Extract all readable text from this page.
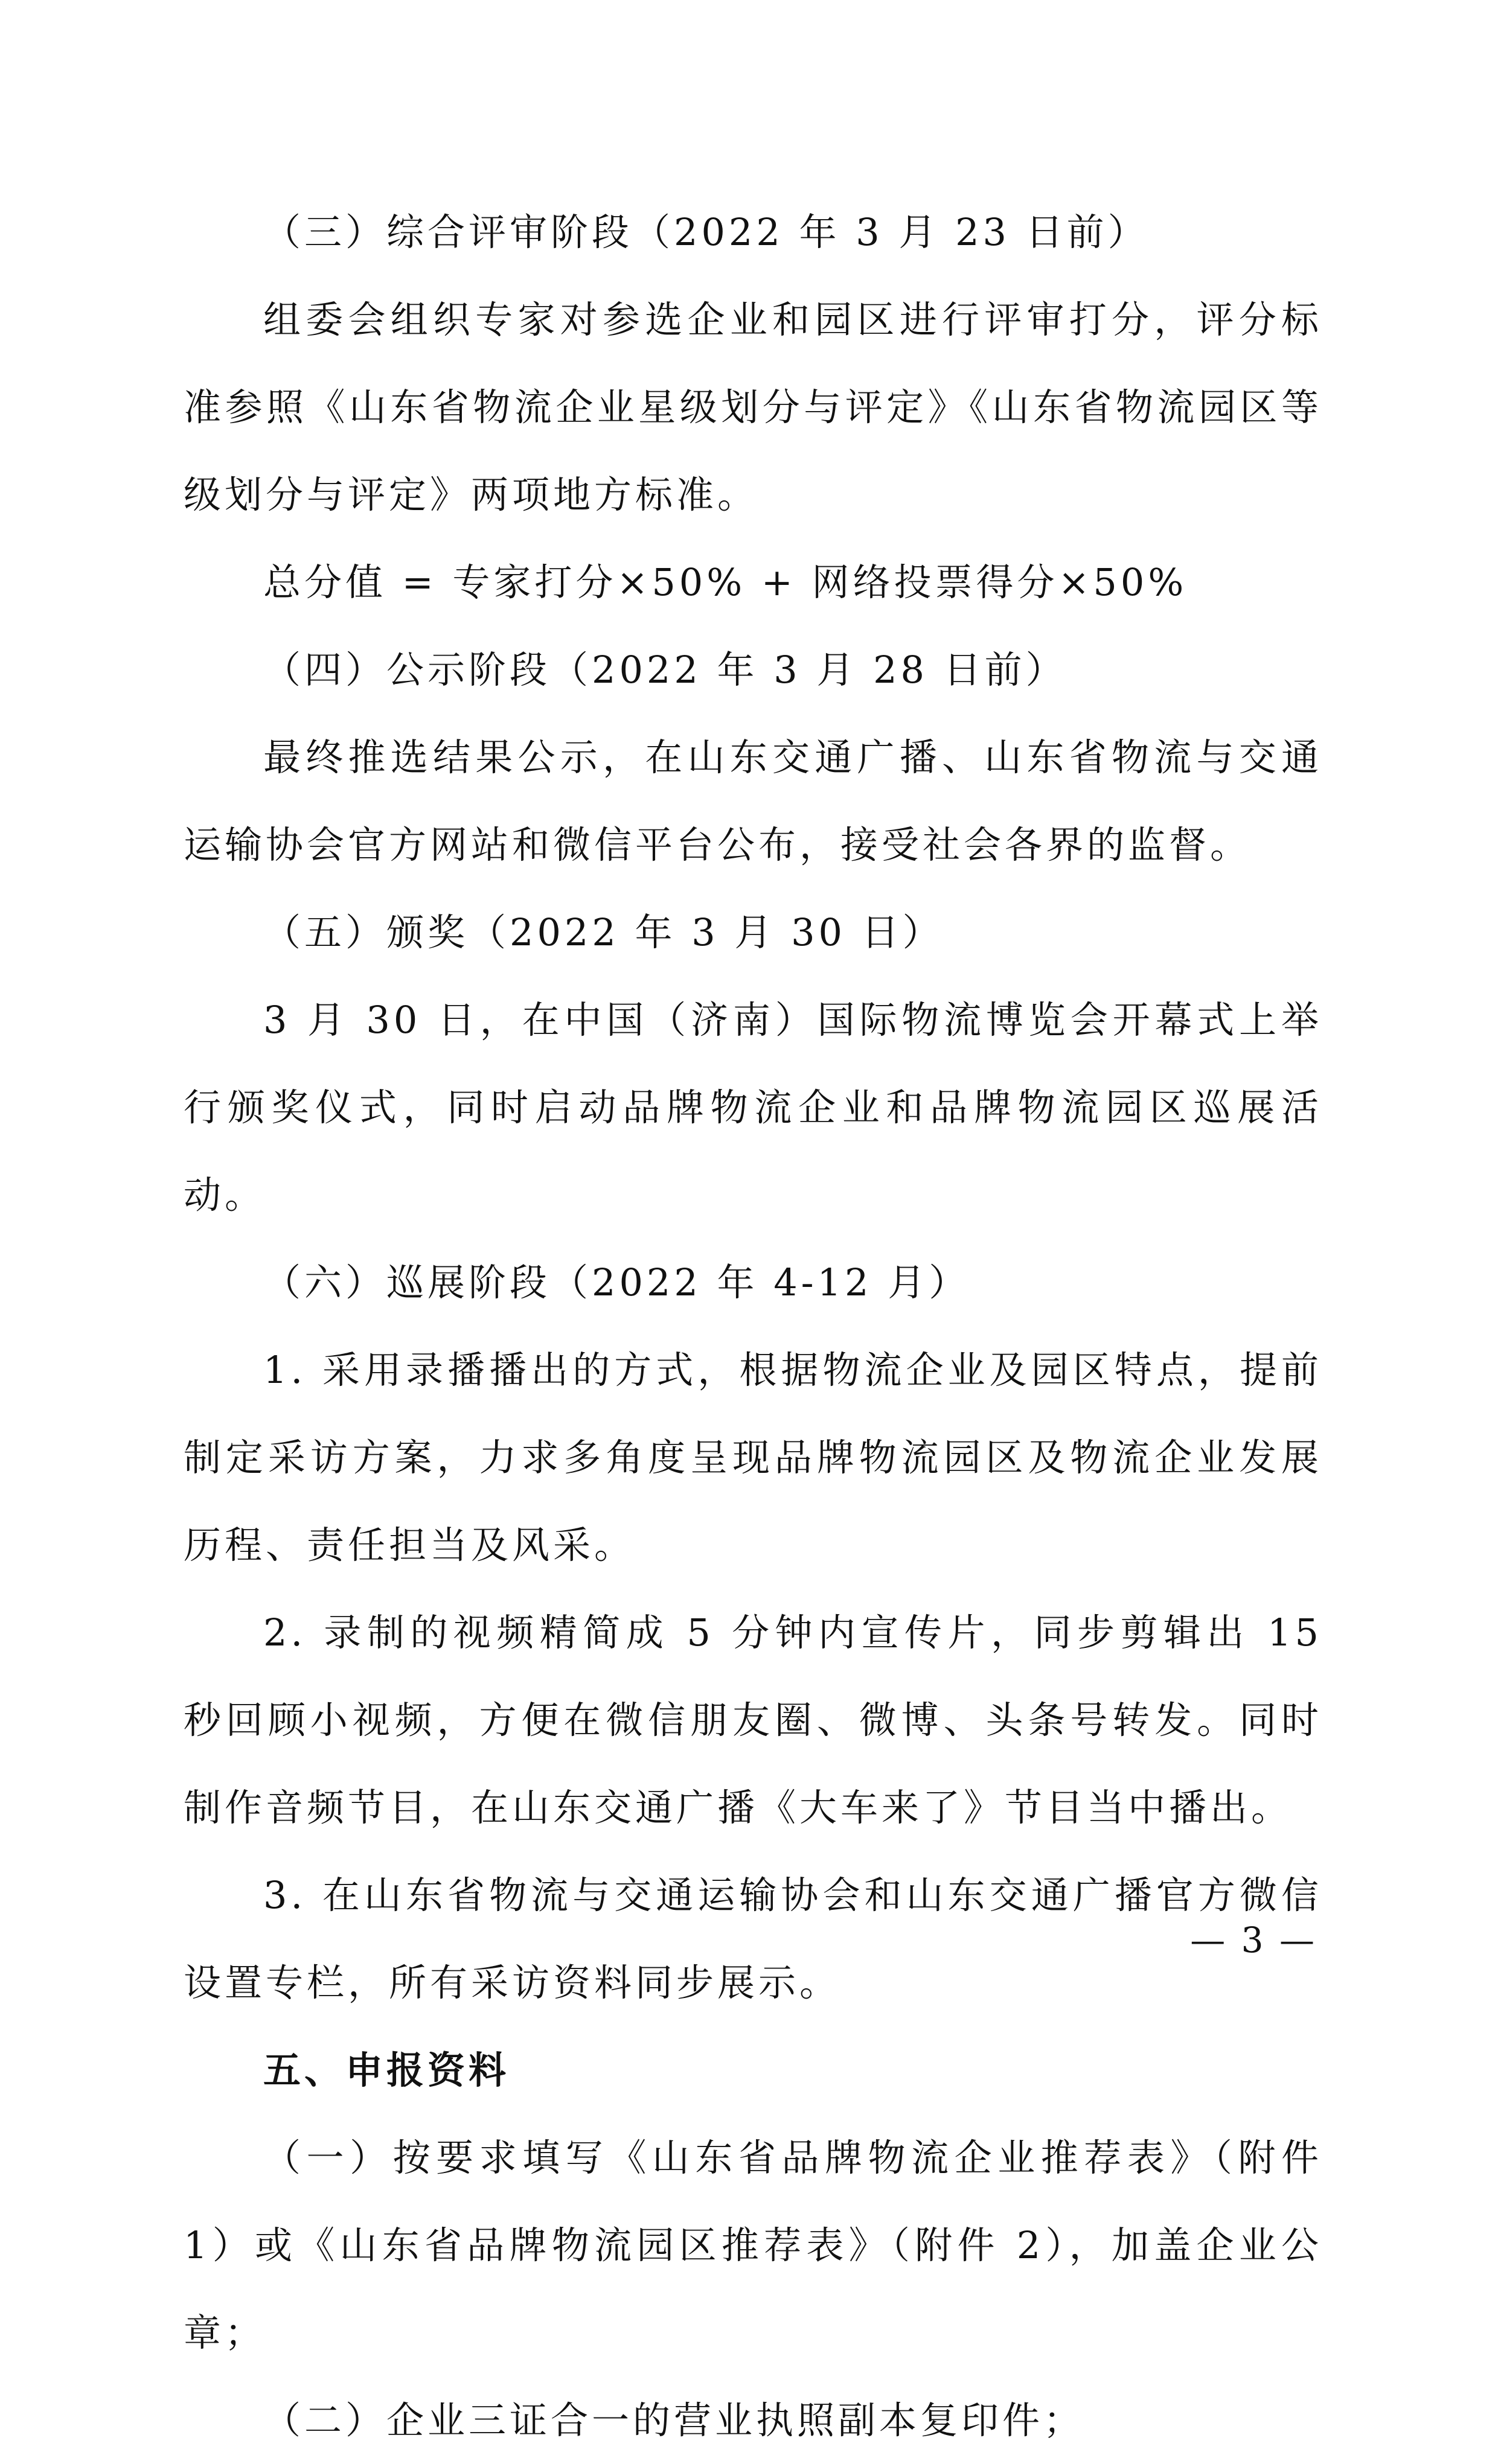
（三）综合评审阶段（2022 年 3 月 23 日前）

组委会组织专家对参选企业和园区进行评审打分，评分标准参照《山东省物流企业星级划分与评定》《山东省物流园区等级划分与评定》两项地方标准。

总分值 = 专家打分×50% + 网络投票得分×50%

（四）公示阶段（2022 年 3 月 28 日前）

最终推选结果公示，在山东交通广播、山东省物流与交通运输协会官方网站和微信平台公布，接受社会各界的监督。

（五）颁奖（2022 年 3 月 30 日）

3 月 30 日，在中国（济南）国际物流博览会开幕式上举行颁奖仪式，同时启动品牌物流企业和品牌物流园区巡展活动。

（六）巡展阶段（2022 年 4-12 月）

1. 采用录播播出的方式，根据物流企业及园区特点，提前制定采访方案，力求多角度呈现品牌物流园区及物流企业发展历程、责任担当及风采。

2. 录制的视频精简成 5 分钟内宣传片，同步剪辑出 15 秒回顾小视频，方便在微信朋友圈、微博、头条号转发。同时制作音频节目，在山东交通广播《大车来了》节目当中播出。

3. 在山东省物流与交通运输协会和山东交通广播官方微信设置专栏，所有采访资料同步展示。

五、申报资料

（一）按要求填写《山东省品牌物流企业推荐表》（附件 1）或《山东省品牌物流园区推荐表》（附件 2），加盖企业公章；

（二）企业三证合一的营业执照副本复印件；

— 3 —
